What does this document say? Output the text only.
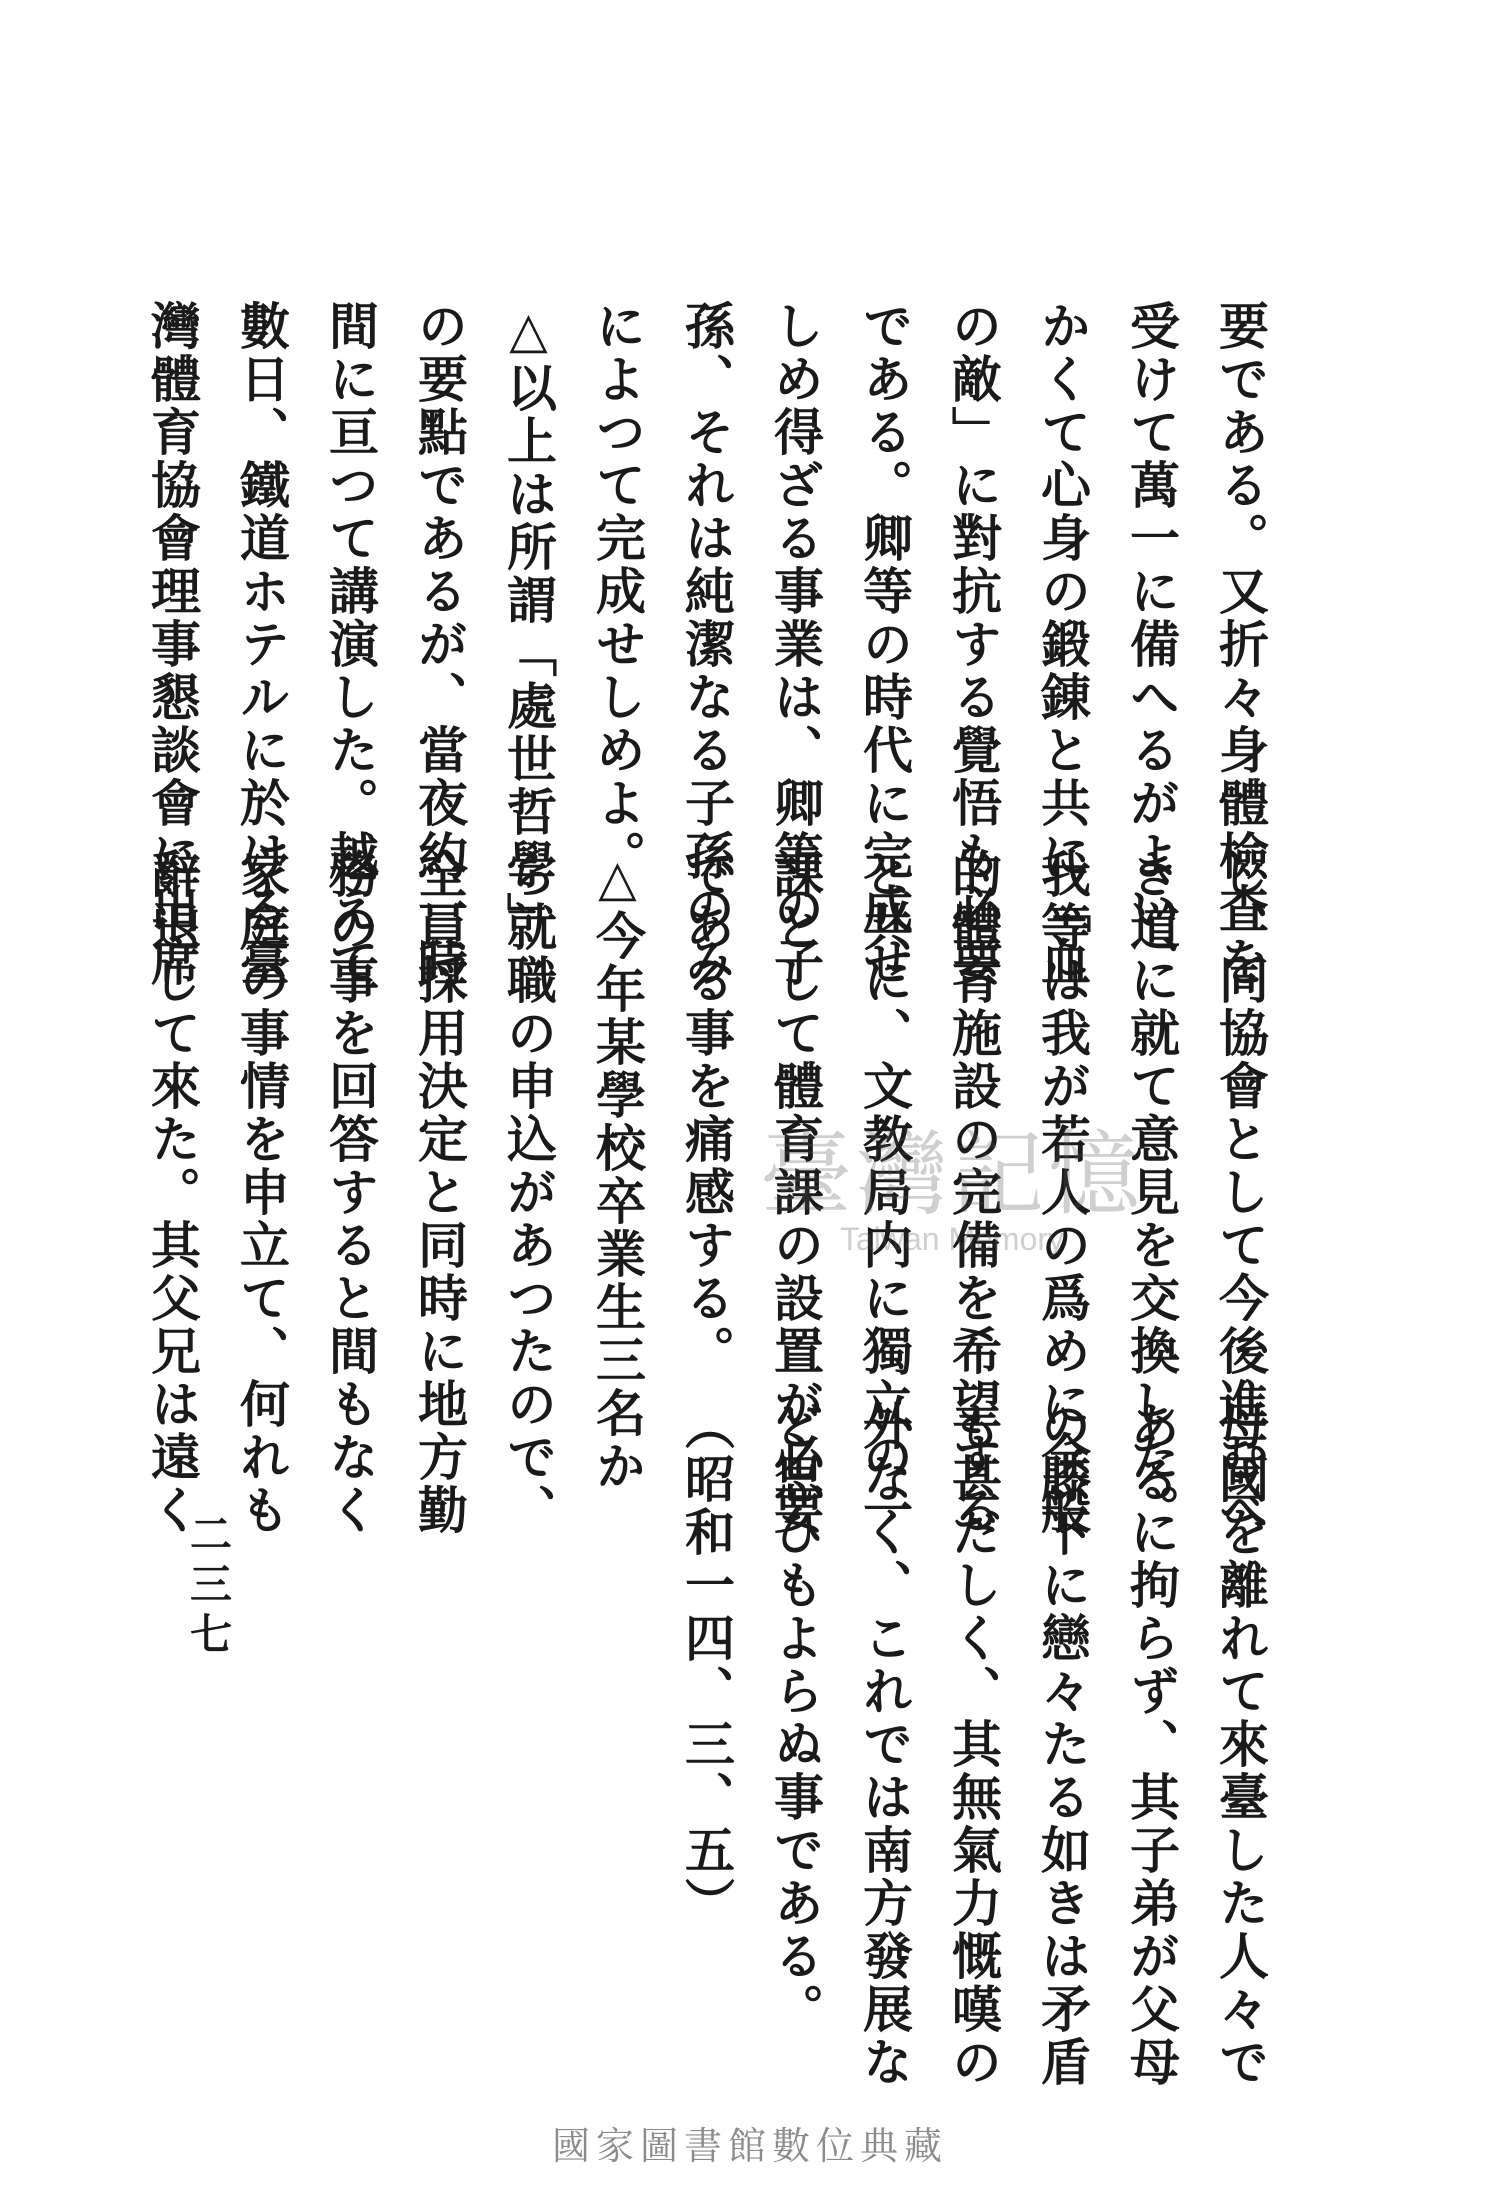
要である。又折々身體檢査を
受けて萬一に備へるがよい、
かくて心身の鍛錬と共に「血
の敵」に對抗する覺悟も必要
である。卿等の時代に完成せ
しめ得ざる事業は、卿等の子
孫、それは純潔なる子孫のみ
によつて完成せしめよ。
△以上は所謂「處世哲學」
の要點であるが、當夜約一時
間に亘つて講演した。越えて
數日、鐵道ホテルに於ける臺
灣體育協會理事懇談會に出席
し、同協會として今後進むべ
き道に就て意見を交換した。
我等は我が若人の爲めに全般
的體育施設の完備を希望する
と共に、文教局内に獨立の一
課として體育課の設置が必要
である事を痛感する。
△今年某學校卒業生三名か
ら就職の申込があつたので、
全員採用決定と同時に地方勤
務の事を回答すると間もなく
家庭の事情を申立て、何れも
辭退して來た。其父兄は遠く
母國を離れて來臺した人々で
あるに拘らず、其子弟が父母
の膝下に戀々たる如きは矛盾
も甚だしく、其無氣力慨嘆の
外なく、これでは南方發展な
ど思ひもよらぬ事である。
（昭和一四、三、五）
臺灣記憶
Taiwan Memory
二三七
國家圖書館數位典藏
